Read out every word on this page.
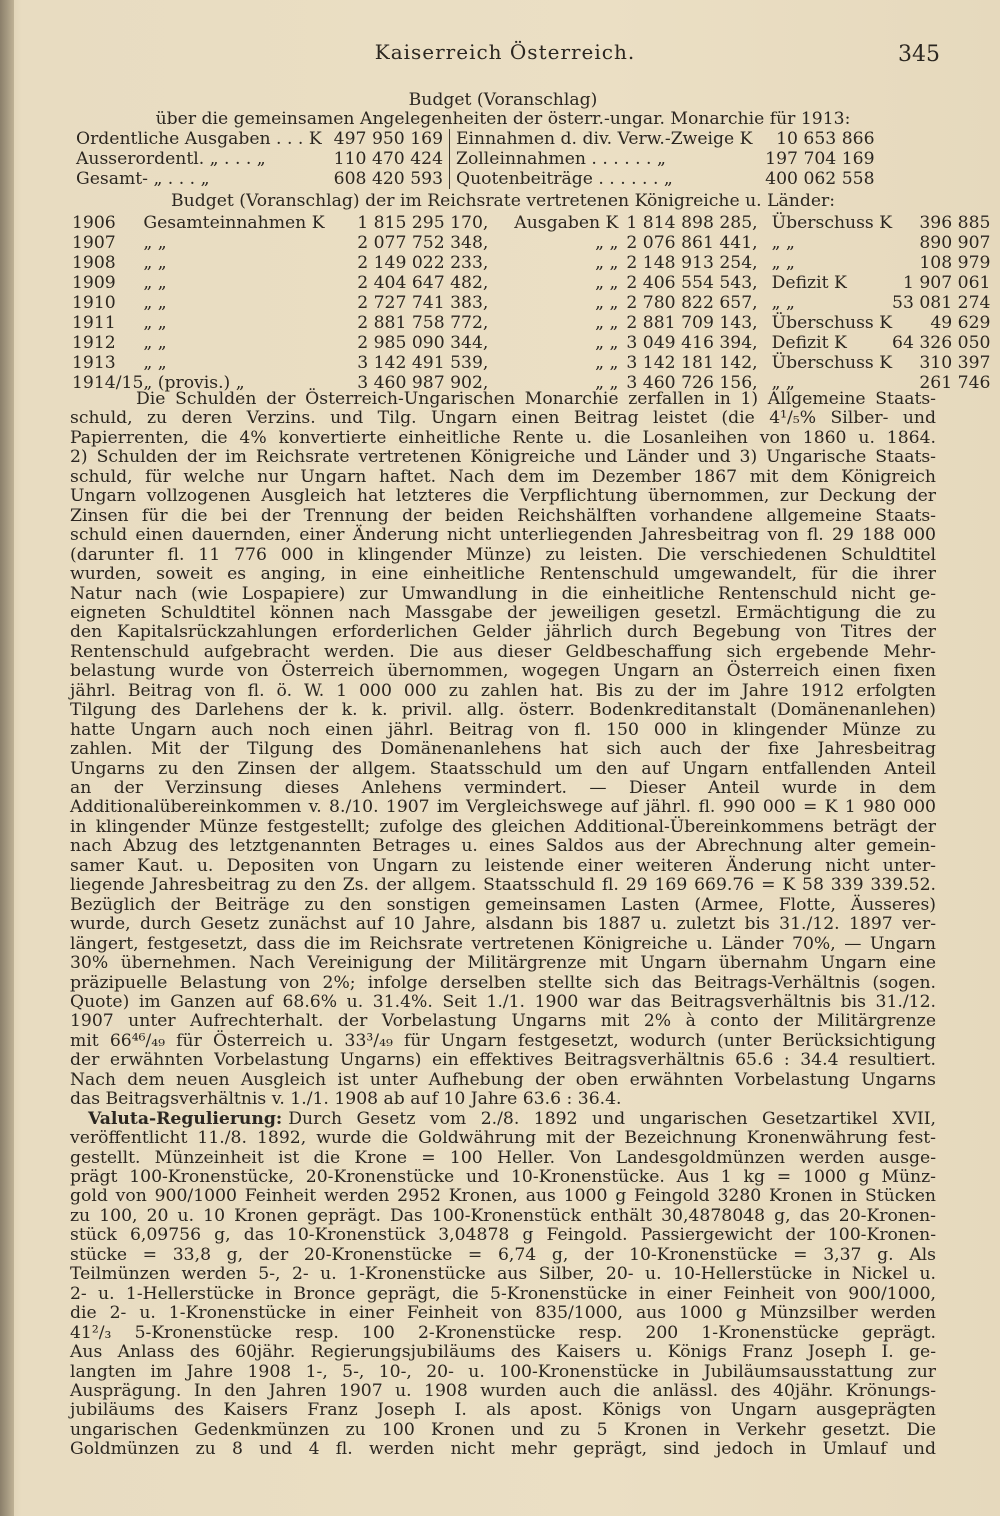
Kaiserreich Österreich.	345
Budget (Voranschlag)
über die gemeinsamen Angelegenheiten der österr.-ungar. Monarchie für 1913:
Ordentliche Ausgaben . . . K	497 950 169	Einnahmen d. div. Verw.-Zweige K	10 653 866
Ausserordentl. „ . . . „	110 470 424	Zolleinnahmen . . . . . . „	197 704 169
Gesamt- „ . . . „	608 420 593	Quotenbeiträge . . . . . . „	400 062 558
Budget (Voranschlag) der im Reichsrate vertretenen Königreiche u. Länder:
1906	Gesamteinnahmen K	1 815 295 170,	Ausgaben K	1 814 898 285,	Überschuss K	396 885
1907	„ „	2 077 752 348,	„ „	2 076 861 441,	„ „	890 907
1908	„ „	2 149 022 233,	„ „	2 148 913 254,	„ „	108 979
1909	„ „	2 404 647 482,	„ „	2 406 554 543,	Defizit K	1 907 061
1910	„ „	2 727 741 383,	„ „	2 780 822 657,	„ „	53 081 274
1911	„ „	2 881 758 772,	„ „	2 881 709 143,	Überschuss K	49 629
1912	„ „	2 985 090 344,	„ „	3 049 416 394,	Defizit K	64 326 050
1913	„ „	3 142 491 539,	„ „	3 142 181 142,	Überschuss K	310 397
1914/15	„ (provis.) „	3 460 987 902,	„ „	3 460 726 156,	„ „	261 746
Die Schulden der Österreich-Ungarischen Monarchie zerfallen in 1) Allgemeine Staats-
schuld, zu deren Verzins. und Tilg. Ungarn einen Beitrag leistet (die 4¹/₅% Silber- und
Papierrenten, die 4% konvertierte einheitliche Rente u. die Losanleihen von 1860 u. 1864.
2) Schulden der im Reichsrate vertretenen Königreiche und Länder und 3) Ungarische Staats-
schuld, für welche nur Ungarn haftet. Nach dem im Dezember 1867 mit dem Königreich
Ungarn vollzogenen Ausgleich hat letzteres die Verpflichtung übernommen, zur Deckung der
Zinsen für die bei der Trennung der beiden Reichshälften vorhandene allgemeine Staats-
schuld einen dauernden, einer Änderung nicht unterliegenden Jahresbeitrag von fl. 29 188 000
(darunter fl. 11 776 000 in klingender Münze) zu leisten. Die verschiedenen Schuldtitel
wurden, soweit es anging, in eine einheitliche Rentenschuld umgewandelt, für die ihrer
Natur nach (wie Lospapiere) zur Umwandlung in die einheitliche Rentenschuld nicht ge-
eigneten Schuldtitel können nach Massgabe der jeweiligen gesetzl. Ermächtigung die zu
den Kapitalsrückzahlungen erforderlichen Gelder jährlich durch Begebung von Titres der
Rentenschuld aufgebracht werden. Die aus dieser Geldbeschaffung sich ergebende Mehr-
belastung wurde von Österreich übernommen, wogegen Ungarn an Österreich einen fixen
jährl. Beitrag von fl. ö. W. 1 000 000 zu zahlen hat. Bis zu der im Jahre 1912 erfolgten
Tilgung des Darlehens der k. k. privil. allg. österr. Bodenkreditanstalt (Domänenanlehen)
hatte Ungarn auch noch einen jährl. Beitrag von fl. 150 000 in klingender Münze zu
zahlen. Mit der Tilgung des Domänenanlehens hat sich auch der fixe Jahresbeitrag
Ungarns zu den Zinsen der allgem. Staatsschuld um den auf Ungarn entfallenden Anteil
an der Verzinsung dieses Anlehens vermindert. — Dieser Anteil wurde in dem
Additionalübereinkommen v. 8./10. 1907 im Vergleichswege auf jährl. fl. 990 000 = K 1 980 000
in klingender Münze festgestellt; zufolge des gleichen Additional-Übereinkommens beträgt der
nach Abzug des letztgenannten Betrages u. eines Saldos aus der Abrechnung alter gemein-
samer Kaut. u. Depositen von Ungarn zu leistende einer weiteren Änderung nicht unter-
liegende Jahresbeitrag zu den Zs. der allgem. Staatsschuld fl. 29 169 669.76 = K 58 339 339.52.
Bezüglich der Beiträge zu den sonstigen gemeinsamen Lasten (Armee, Flotte, Äusseres)
wurde, durch Gesetz zunächst auf 10 Jahre, alsdann bis 1887 u. zuletzt bis 31./12. 1897 ver-
längert, festgesetzt, dass die im Reichsrate vertretenen Königreiche u. Länder 70%, — Ungarn
30% übernehmen. Nach Vereinigung der Militärgrenze mit Ungarn übernahm Ungarn eine
präzipuelle Belastung von 2%; infolge derselben stellte sich das Beitrags-Verhältnis (sogen.
Quote) im Ganzen auf 68.6% u. 31.4%. Seit 1./1. 1900 war das Beitragsverhältnis bis 31./12.
1907 unter Aufrechterhalt. der Vorbelastung Ungarns mit 2% à conto der Militärgrenze
mit 66⁴⁶/₄₉ für Österreich u. 33³/₄₉ für Ungarn festgesetzt, wodurch (unter Berücksichtigung
der erwähnten Vorbelastung Ungarns) ein effektives Beitragsverhältnis 65.6 : 34.4 resultiert.
Nach dem neuen Ausgleich ist unter Aufhebung der oben erwähnten Vorbelastung Ungarns
das Beitragsverhältnis v. 1./1. 1908 ab auf 10 Jahre 63.6 : 36.4.
Valuta-Regulierung: Durch Gesetz vom 2./8. 1892 und ungarischen Gesetzartikel XVII,
veröffentlicht 11./8. 1892, wurde die Goldwährung mit der Bezeichnung Kronenwährung fest-
gestellt. Münzeinheit ist die Krone = 100 Heller. Von Landesgoldmünzen werden ausge-
prägt 100-Kronenstücke, 20-Kronenstücke und 10-Kronenstücke. Aus 1 kg = 1000 g Münz-
gold von 900/1000 Feinheit werden 2952 Kronen, aus 1000 g Feingold 3280 Kronen in Stücken
zu 100, 20 u. 10 Kronen geprägt. Das 100-Kronenstück enthält 30,4878048 g, das 20-Kronen-
stück 6,09756 g, das 10-Kronenstück 3,04878 g Feingold. Passiergewicht der 100-Kronen-
stücke = 33,8 g, der 20-Kronenstücke = 6,74 g, der 10-Kronenstücke = 3,37 g. Als
Teilmünzen werden 5-, 2- u. 1-Kronenstücke aus Silber, 20- u. 10-Hellerstücke in Nickel u.
2- u. 1-Hellerstücke in Bronce geprägt, die 5-Kronenstücke in einer Feinheit von 900/1000,
die 2- u. 1-Kronenstücke in einer Feinheit von 835/1000, aus 1000 g Münzsilber werden
41²/₃ 5-Kronenstücke resp. 100 2-Kronenstücke resp. 200 1-Kronenstücke geprägt.
Aus Anlass des 60jähr. Regierungsjubiläums des Kaisers u. Königs Franz Joseph I. ge-
langten im Jahre 1908 1-, 5-, 10-, 20- u. 100-Kronenstücke in Jubiläumsausstattung zur
Ausprägung. In den Jahren 1907 u. 1908 wurden auch die anlässl. des 40jähr. Krönungs-
jubiläums des Kaisers Franz Joseph I. als apost. Königs von Ungarn ausgeprägten
ungarischen Gedenkmünzen zu 100 Kronen und zu 5 Kronen in Verkehr gesetzt. Die
Goldmünzen zu 8 und 4 fl. werden nicht mehr geprägt, sind jedoch in Umlauf und
